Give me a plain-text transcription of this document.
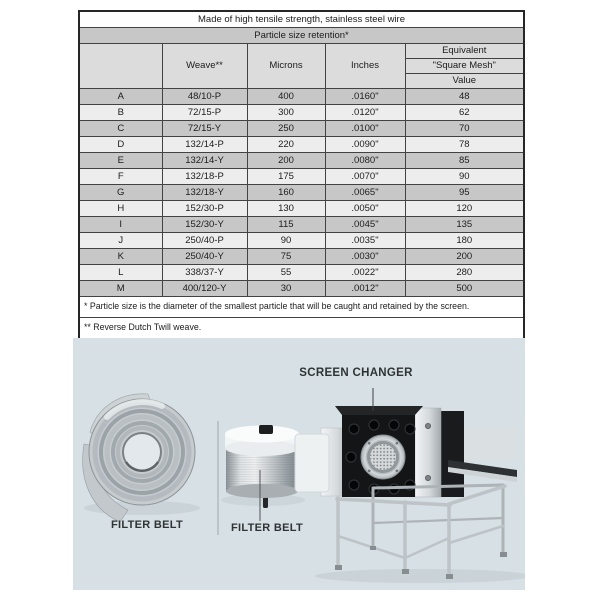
Made of high tensile strength, stainless steel wire				
Particle size retention*				
	Weave**	Microns	Inches	Equivalent
				"Square Mesh"
				Value
A	48/10-P	400	.0160"	48
B	72/15-P	300	.0120"	62
C	72/15-Y	250	.0100"	70
D	132/14-P	220	.0090"	78
E	132/14-Y	200	.0080"	85
F	132/18-P	175	.0070"	90
G	132/18-Y	160	.0065"	95
H	152/30-P	130	.0050"	120
I	152/30-Y	115	.0045"	135
J	250/40-P	90	.0035"	180
K	250/40-Y	75	.0030"	200
L	338/37-Y	55	.0022"	280
M	400/120-Y	30	.0012"	500
* Particle size is the diameter of the smallest particle that will be caught and retained by the screen.				
** Reverse Dutch Twill weave.				
SCREEN CHANGER
FILTER BELT	FILTER BELT
